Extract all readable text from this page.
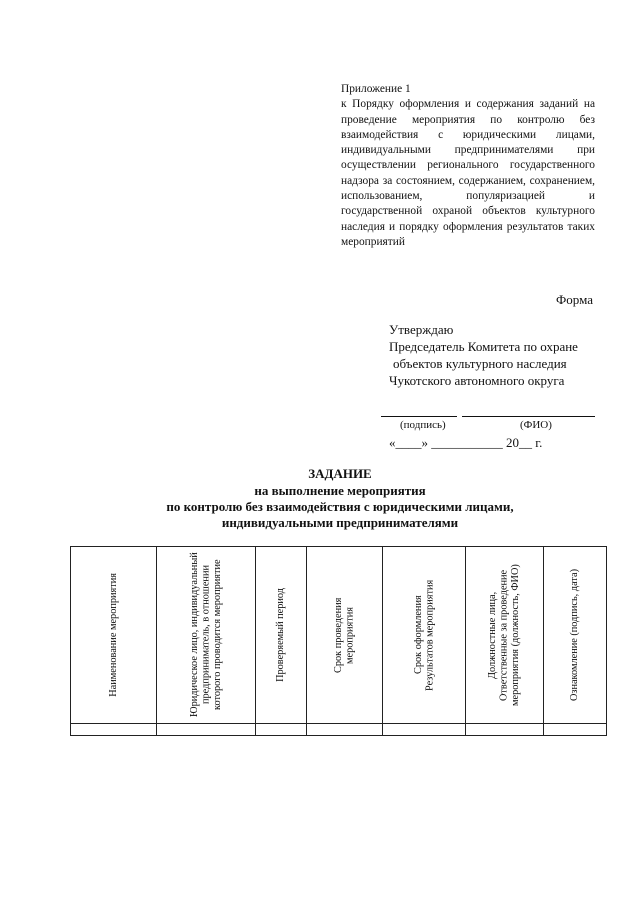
Приложение 1
к Порядку оформления и содержания заданий на проведение мероприятия по контролю без взаимодействия с юридическими лицами, индивидуальными предпринимателями при осуществлении регионального государственного надзора за состоянием, содержанием, сохранением, использованием, популяризацией и государственной охраной объектов культурного наследия и порядку оформления результатов таких мероприятий
Форма
Утверждаю
Председатель Комитета по охране
объектов культурного наследия
Чукотского автономного округа
(подпись)	(ФИО)
«____» ___________ 20__ г.
ЗАДАНИЕ
на выполнение мероприятия
по контролю без взаимодействия с юридическими лицами,
индивидуальными предпринимателями
Наименование мероприятия	Юридическое лицо, индивидуальный предприниматель, в отношении которого проводится мероприятие	Проверяемый период	Срок проведения мероприятия	Срок оформления Результатов мероприятия	Должностные лица, Ответственные за проведение мероприятия (должность, ФИО)	Ознакомление (подпись, дата)
